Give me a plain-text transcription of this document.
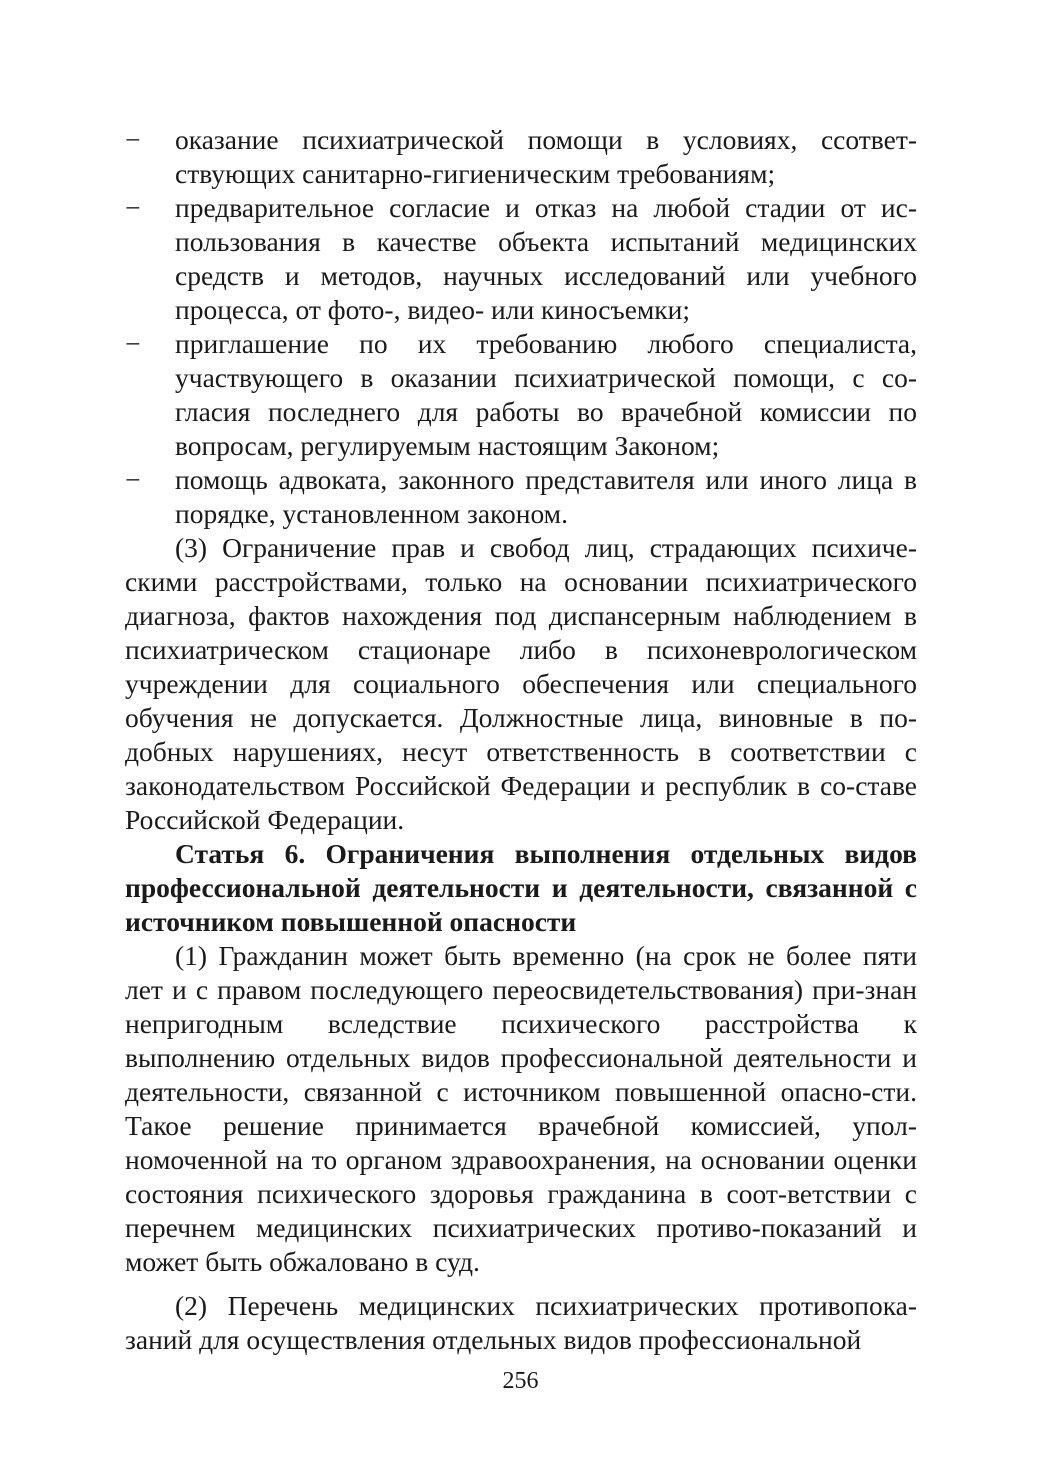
−	оказание психиатрической помощи в условиях, ссответ-ствующих санитарно-гигиеническим требованиям;
−	предварительное согласие и отказ на любой стадии от ис-пользования в качестве объекта испытаний медицинских средств и методов, научных исследований или учебного процесса, от фото-, видео- или киносъемки;
−	приглашение по их требованию любого специалиста, участвующего в оказании психиатрической помощи, с со-гласия последнего для работы во врачебной комиссии по вопросам, регулируемым настоящим Законом;
−	помощь адвоката, законного представителя или иного лица в порядке, установленном законом.

(3) Ограничение прав и свобод лиц, страдающих психиче-скими расстройствами, только на основании психиатрического диагноза, фактов нахождения под диспансерным наблюдением в психиатрическом стационаре либо в психоневрологическом учреждении для социального обеспечения или специального обучения не допускается. Должностные лица, виновные в по-добных нарушениях, несут ответственность в соответствии с законодательством Российской Федерации и республик в со-ставе Российской Федерации.

Статья 6. Ограничения выполнения отдельных видов профессиональной деятельности и деятельности, связанной с источником повышенной опасности

(1) Гражданин может быть временно (на срок не более пяти лет и с правом последующего переосвидетельствования) при-знан непригодным вследствие психического расстройства к выполнению отдельных видов профессиональной деятельности и деятельности, связанной с источником повышенной опасно-сти. Такое решение принимается врачебной комиссией, упол-номоченной на то органом здравоохранения, на основании оценки состояния психического здоровья гражданина в соот-ветствии с перечнем медицинских психиатрических противо-показаний и может быть обжаловано в суд.

(2) Перечень медицинских психиатрических противопока-заний для осуществления отдельных видов профессиональной

256
